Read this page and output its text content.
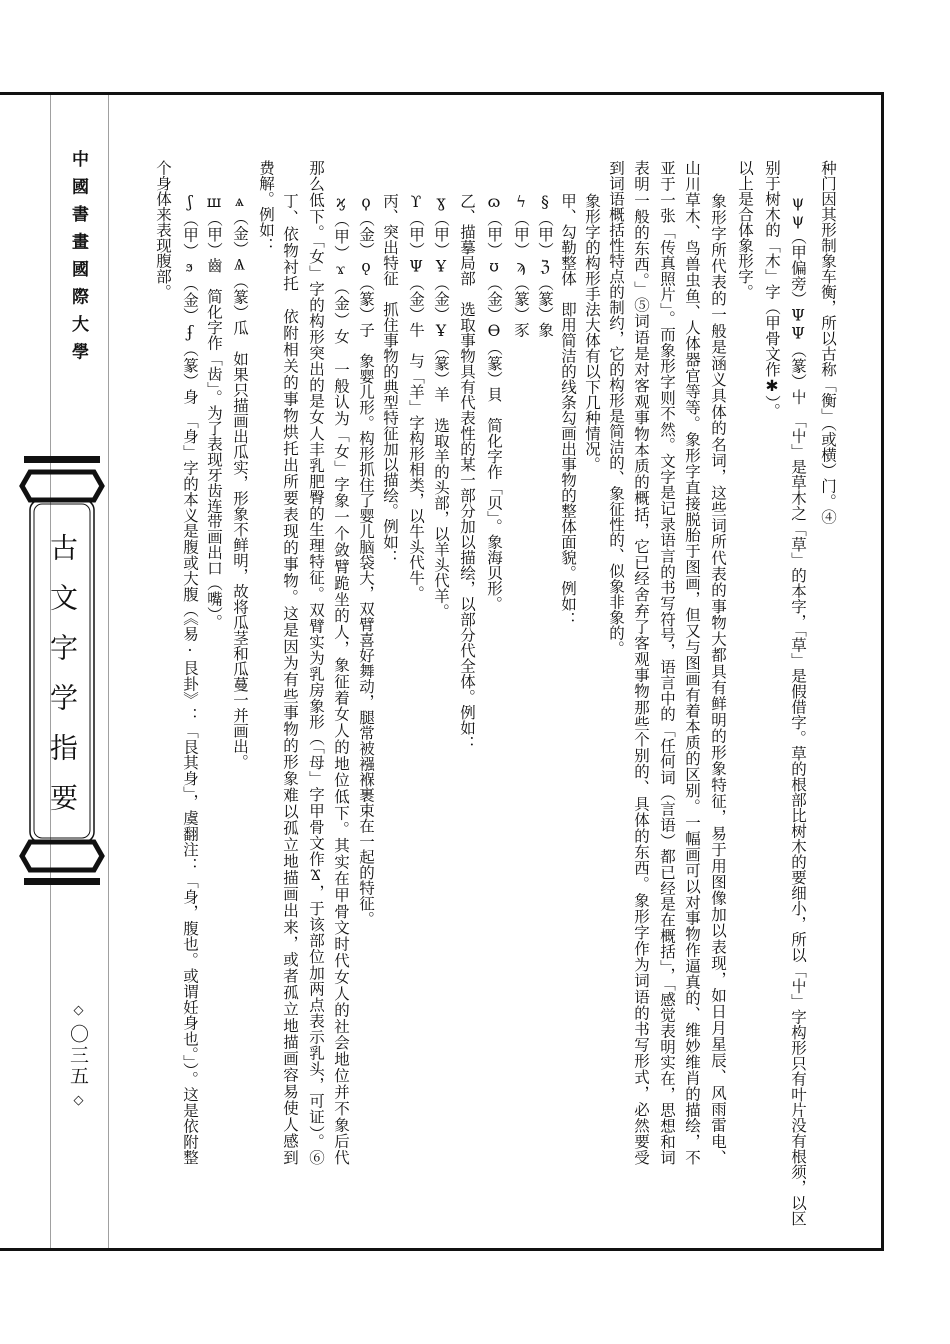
中國書畫國際大學
古文字学指要
◇〇三五◇
种门因其形制象车衡，所以古称「衡」（或横）门。④
ψψ（甲偏旁）ΨΨ（篆）屮　「屮」是草木之「草」的本字，「草」是假借字。草的根部比树木的要细小，所以「屮」字构形只有叶片没有根须，以区
别于树木的「木」字（甲骨文作✱）。
以上是合体象形字。
象形字所代表的一般是涵义具体的名词，这些词所代表的事物大都具有鲜明的形象特征，易于用图像加以表现，如日月星辰、风雨雷电、
山川草木、鸟兽虫鱼、人体器官等等。象形字直接脱胎于图画，但又与图画有着本质的区别。一幅画可以对事物作逼真的、维妙维肖的描绘，不
亚于一张「传真照片」。而象形字则不然。文字是记录语言的书写符号，语言中的「任何词（言语）都已经是在概括」，「感觉表明实在，思想和词
表明一般的东西。」⑤词语是对客观事物本质的概括，它已经舍弃了客观事物那些个别的、具体的东西。象形字作为词语的书写形式，必然要受
到词语概括性特点的制约，它的构形是简洁的、象征性的、似象非象的。
象形字的构形手法大体有以下几种情况。
甲、勾勒整体　即用简洁的线条勾画出事物的整体面貌。例如：
§（甲）ℨ（篆）象
ϟ（甲）ϡ（篆）豕
ɷ（甲）ʊ（金）Ɵ（篆）貝　简化字作「贝」。象海贝形。
乙、描摹局部　选取事物具有代表性的某一部分加以描绘，以部分代全体。例如：
ɣ（甲）Ұ（金）Ұ（篆）羊　选取羊的头部，以羊头代羊。
ϒ（甲）Ψ（金）牛　与「羊」字构形相类，以牛头代牛。
丙、突出特征　抓住事物的典型特征加以描绘。例如：
ϙ（金）ǫ（篆）子　象婴儿形。构形抓住了婴儿脑袋大，双臂喜好舞动，腿常被襁褓裹束在一起的特征。
ϗ（甲）ϫ（金）女　一般认为「女」字象一个敛臂跪坐的人，象征着女人的地位低下。其实在甲骨文时代女人的社会地位并不象后代
那么低下。「女」字的构形突出的是女人丰乳肥臀的生理特征。双臂实为乳房象形（「母」字甲骨文作Ϫ，于该部位加两点表示乳头，可证）。⑥
丁、依物衬托　依附相关的事物烘托出所要表现的事物。这是因为有些事物的形象难以孤立地描画出来，或者孤立地描画容易使人感到
费解。例如：
ѧ（金）Ѧ（篆）瓜　如果只描画出瓜实，形象不鲜明，故将瓜茎和瓜蔓一并画出。
ш（甲）齒　简化字作「齿」。为了表现牙齿连带画出口（嘴）。
ʃ（甲）ϧ（金）ʄ（篆）身　「身」字的本义是腹或大腹（《易·艮卦》：「艮其身」，虞翻注：「身，腹也。或谓妊身也。」）。这是依附整
个身体来表现腹部。
